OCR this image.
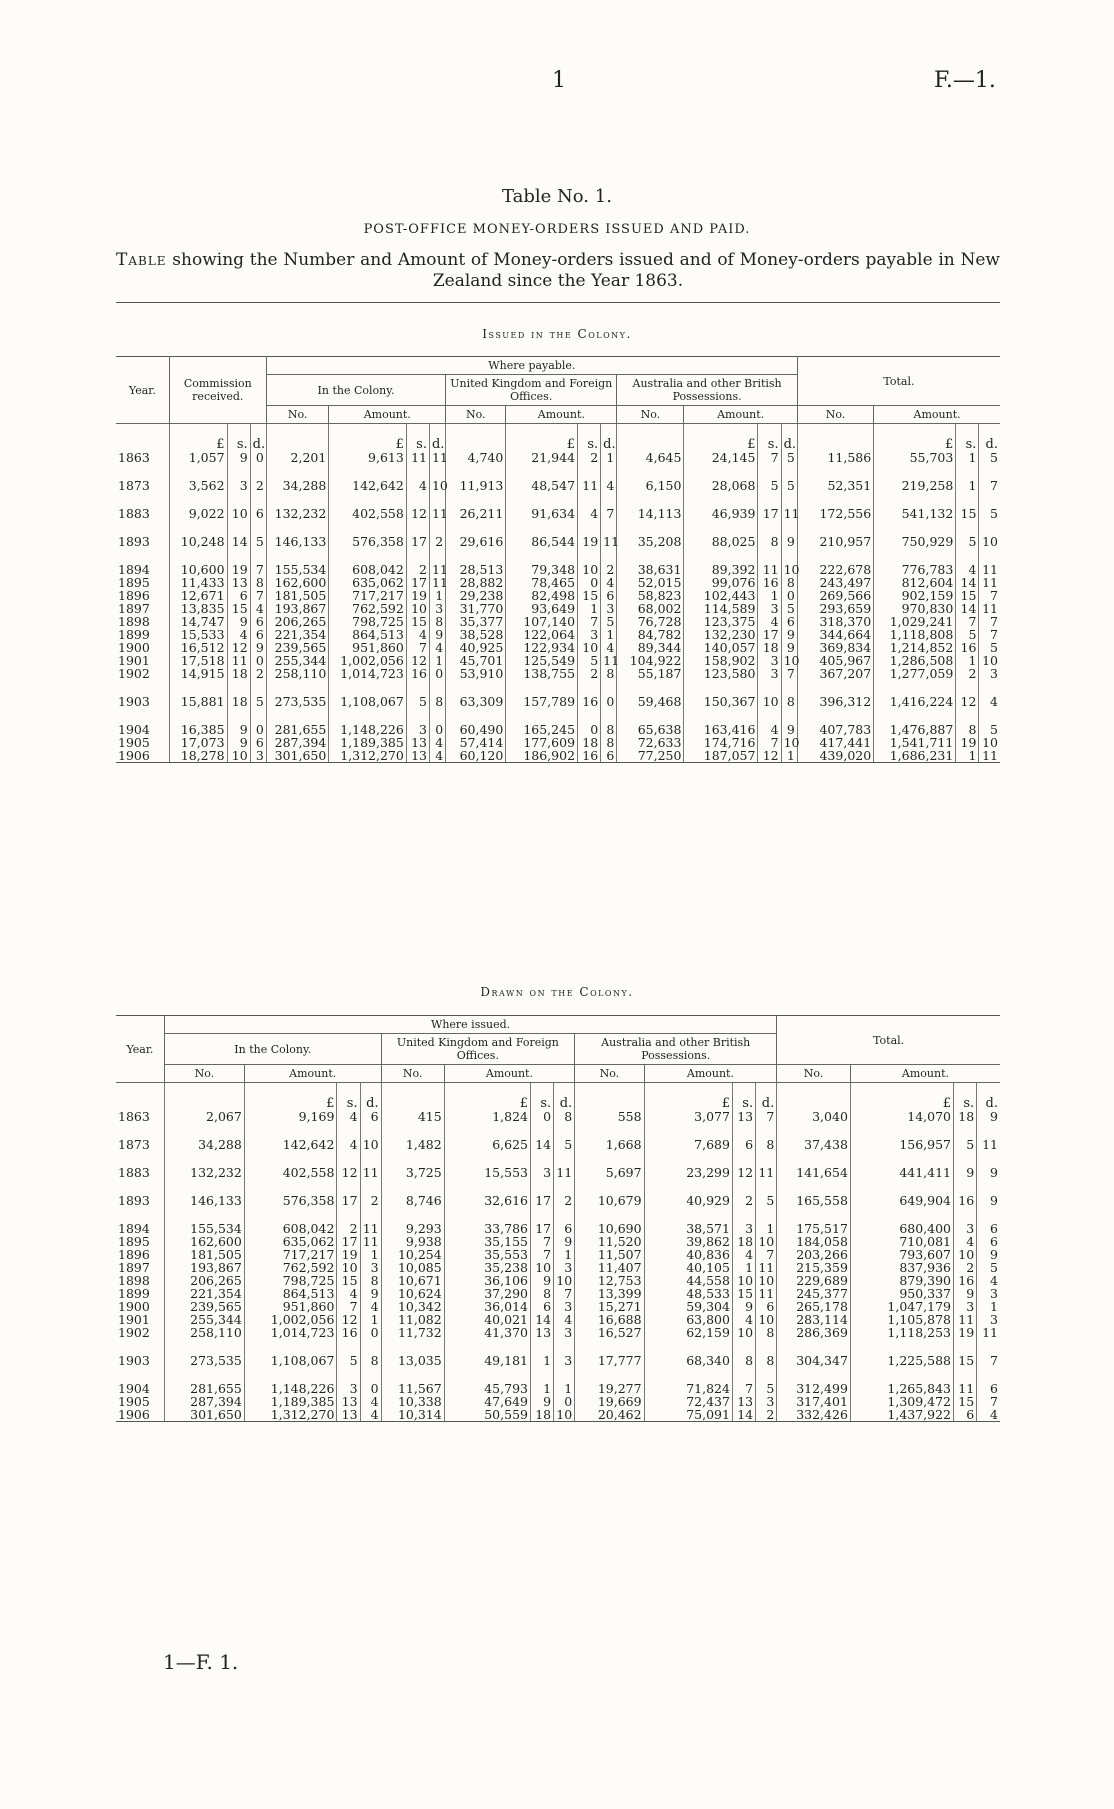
1	F.—1.
Table No. 1.
POST-OFFICE MONEY-ORDERS ISSUED AND PAID.
Table showing the Number and Amount of Money-orders issued and of Money-orders payable in New Zealand since the Year 1863.
Issued in the Colony.
Year.	Commission received.			Where payable.												Total.			
				In the Colony.				United Kingdom and Foreign Offices.				Australia and other British Possessions.							
				No.	Amount.			No.	Amount.			No.	Amount.			No.	Amount.		
	£	s.	d.		£	s.	d.		£	s.	d.		£	s.	d.		£	s.	d.
1863	1,057	9	0	2,201	9,613	11	11	4,740	21,944	2	1	4,645	24,145	7	5	11,586	55,703	1	5

1873	3,562	3	2	34,288	142,642	4	10	11,913	48,547	11	4	6,150	28,068	5	5	52,351	219,258	1	7

1883	9,022	10	6	132,232	402,558	12	11	26,211	91,634	4	7	14,113	46,939	17	11	172,556	541,132	15	5

1893	10,248	14	5	146,133	576,358	17	2	29,616	86,544	19	11	35,208	88,025	8	9	210,957	750,929	5	10

1894	10,600	19	7	155,534	608,042	2	11	28,513	79,348	10	2	38,631	89,392	11	10	222,678	776,783	4	11
1895	11,433	13	8	162,600	635,062	17	11	28,882	78,465	0	4	52,015	99,076	16	8	243,497	812,604	14	11
1896	12,671	6	7	181,505	717,217	19	1	29,238	82,498	15	6	58,823	102,443	1	0	269,566	902,159	15	7
1897	13,835	15	4	193,867	762,592	10	3	31,770	93,649	1	3	68,002	114,589	3	5	293,659	970,830	14	11
1898	14,747	9	6	206,265	798,725	15	8	35,377	107,140	7	5	76,728	123,375	4	6	318,370	1,029,241	7	7
1899	15,533	4	6	221,354	864,513	4	9	38,528	122,064	3	1	84,782	132,230	17	9	344,664	1,118,808	5	7
1900	16,512	12	9	239,565	951,860	7	4	40,925	122,934	10	4	89,344	140,057	18	9	369,834	1,214,852	16	5
1901	17,518	11	0	255,344	1,002,056	12	1	45,701	125,549	5	11	104,922	158,902	3	10	405,967	1,286,508	1	10
1902	14,915	18	2	258,110	1,014,723	16	0	53,910	138,755	2	8	55,187	123,580	3	7	367,207	1,277,059	2	3

1903	15,881	18	5	273,535	1,108,067	5	8	63,309	157,789	16	0	59,468	150,367	10	8	396,312	1,416,224	12	4

1904	16,385	9	0	281,655	1,148,226	3	0	60,490	165,245	0	8	65,638	163,416	4	9	407,783	1,476,887	8	5
1905	17,073	9	6	287,394	1,189,385	13	4	57,414	177,609	18	8	72,633	174,716	7	10	417,441	1,541,711	19	10
1906	18,278	10	3	301,650	1,312,270	13	4	60,120	186,902	16	6	77,250	187,057	12	1	439,020	1,686,231	1	11
Drawn on the Colony.
Year.	Where issued.												Total.			
	In the Colony.				United Kingdom and Foreign Offices.				Australia and other British Possessions.							
	No.	Amount.			No.	Amount.			No.	Amount.			No.	Amount.		
		£	s.	d.		£	s.	d.		£	s.	d.		£	s.	d.
1863	2,067	9,169	4	6	415	1,824	0	8	558	3,077	13	7	3,040	14,070	18	9

1873	34,288	142,642	4	10	1,482	6,625	14	5	1,668	7,689	6	8	37,438	156,957	5	11

1883	132,232	402,558	12	11	3,725	15,553	3	11	5,697	23,299	12	11	141,654	441,411	9	9

1893	146,133	576,358	17	2	8,746	32,616	17	2	10,679	40,929	2	5	165,558	649,904	16	9

1894	155,534	608,042	2	11	9,293	33,786	17	6	10,690	38,571	3	1	175,517	680,400	3	6
1895	162,600	635,062	17	11	9,938	35,155	7	9	11,520	39,862	18	10	184,058	710,081	4	6
1896	181,505	717,217	19	1	10,254	35,553	7	1	11,507	40,836	4	7	203,266	793,607	10	9
1897	193,867	762,592	10	3	10,085	35,238	10	3	11,407	40,105	1	11	215,359	837,936	2	5
1898	206,265	798,725	15	8	10,671	36,106	9	10	12,753	44,558	10	10	229,689	879,390	16	4
1899	221,354	864,513	4	9	10,624	37,290	8	7	13,399	48,533	15	11	245,377	950,337	9	3
1900	239,565	951,860	7	4	10,342	36,014	6	3	15,271	59,304	9	6	265,178	1,047,179	3	1
1901	255,344	1,002,056	12	1	11,082	40,021	14	4	16,688	63,800	4	10	283,114	1,105,878	11	3
1902	258,110	1,014,723	16	0	11,732	41,370	13	3	16,527	62,159	10	8	286,369	1,118,253	19	11

1903	273,535	1,108,067	5	8	13,035	49,181	1	3	17,777	68,340	8	8	304,347	1,225,588	15	7

1904	281,655	1,148,226	3	0	11,567	45,793	1	1	19,277	71,824	7	5	312,499	1,265,843	11	6
1905	287,394	1,189,385	13	4	10,338	47,649	9	0	19,669	72,437	13	3	317,401	1,309,472	15	7
1906	301,650	1,312,270	13	4	10,314	50,559	18	10	20,462	75,091	14	2	332,426	1,437,922	6	4
1—F. 1.
